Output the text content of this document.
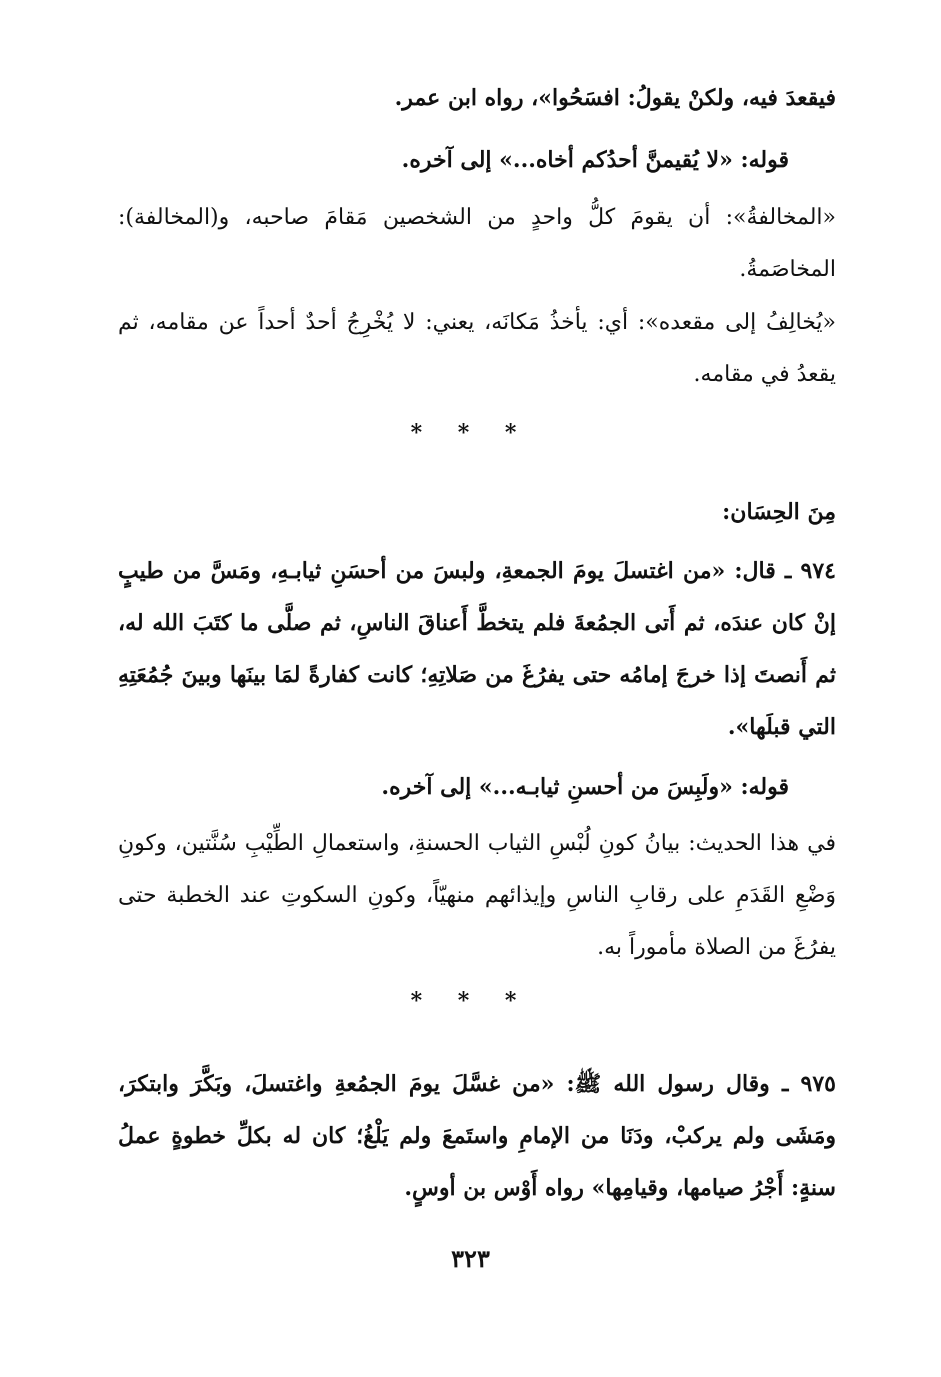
فيقعدَ فيه، ولكنْ يقولُ: افسَحُوا»، رواه ابن عمر.
قوله: «لا يُقيمنَّ أحدُكم أخاه...» إلى آخره.
«المخالفةُ»: أن يقومَ كلُّ واحدٍ من الشخصين مَقامَ صاحبه، و(المخالفة): المخاصَمةُ.
«يُخالِفُ إلى مقعده»: أي: يأخذُ مَكانَه، يعني: لا يُخْرِجُ أحدٌ أحداً عن مقامه، ثم يقعدُ في مقامه.
* * *
مِنَ الحِسَان:
٩٧٤ ـ قال: «من اغتسلَ يومَ الجمعةِ، ولبسَ من أحسَنِ ثيابـهِ، ومَسَّ من طيبٍ إنْ كان عندَه، ثم أَتى الجمُعةَ فلم يتخطَّ أَعناقَ الناسِ، ثم صلَّى ما كتَبَ الله له، ثم أَنصتَ إذا خرجَ إمامُه حتى يفرُغَ من صَلاتِهِ؛ كانت كفارةً لمَا بينَها وبينَ جُمُعَتِهِ التي قبلَها».
قوله: «ولَبِسَ من أحسنِ ثيابـه...» إلى آخره.
في هذا الحديث: بيانُ كونِ لُبْسِ الثياب الحسنةِ، واستعمالِ الطِّيْبِ سُنَّتين، وكونِ وَضْعِ القَدَمِ على رقابِ الناسِ وإيذائهم منهيّاً، وكونِ السكوتِ عند الخطبة حتى يفرُغَ من الصلاة مأموراً به.
* * *
٩٧٥ ـ وقال رسول الله ﷺ: «من غسَّلَ يومَ الجمُعةِ واغتسلَ، وبَكَّرَ وابتكرَ، ومَشَى ولم يركبْ، ودَنَا من الإمامِ واستَمعَ ولم يَلْغُ؛ كان له بكلِّ خطوةٍ عملُ سنةٍ: أَجْرُ صيامها، وقيامِها» رواه أَوْس بن أوسٍ.
٣٢٣
